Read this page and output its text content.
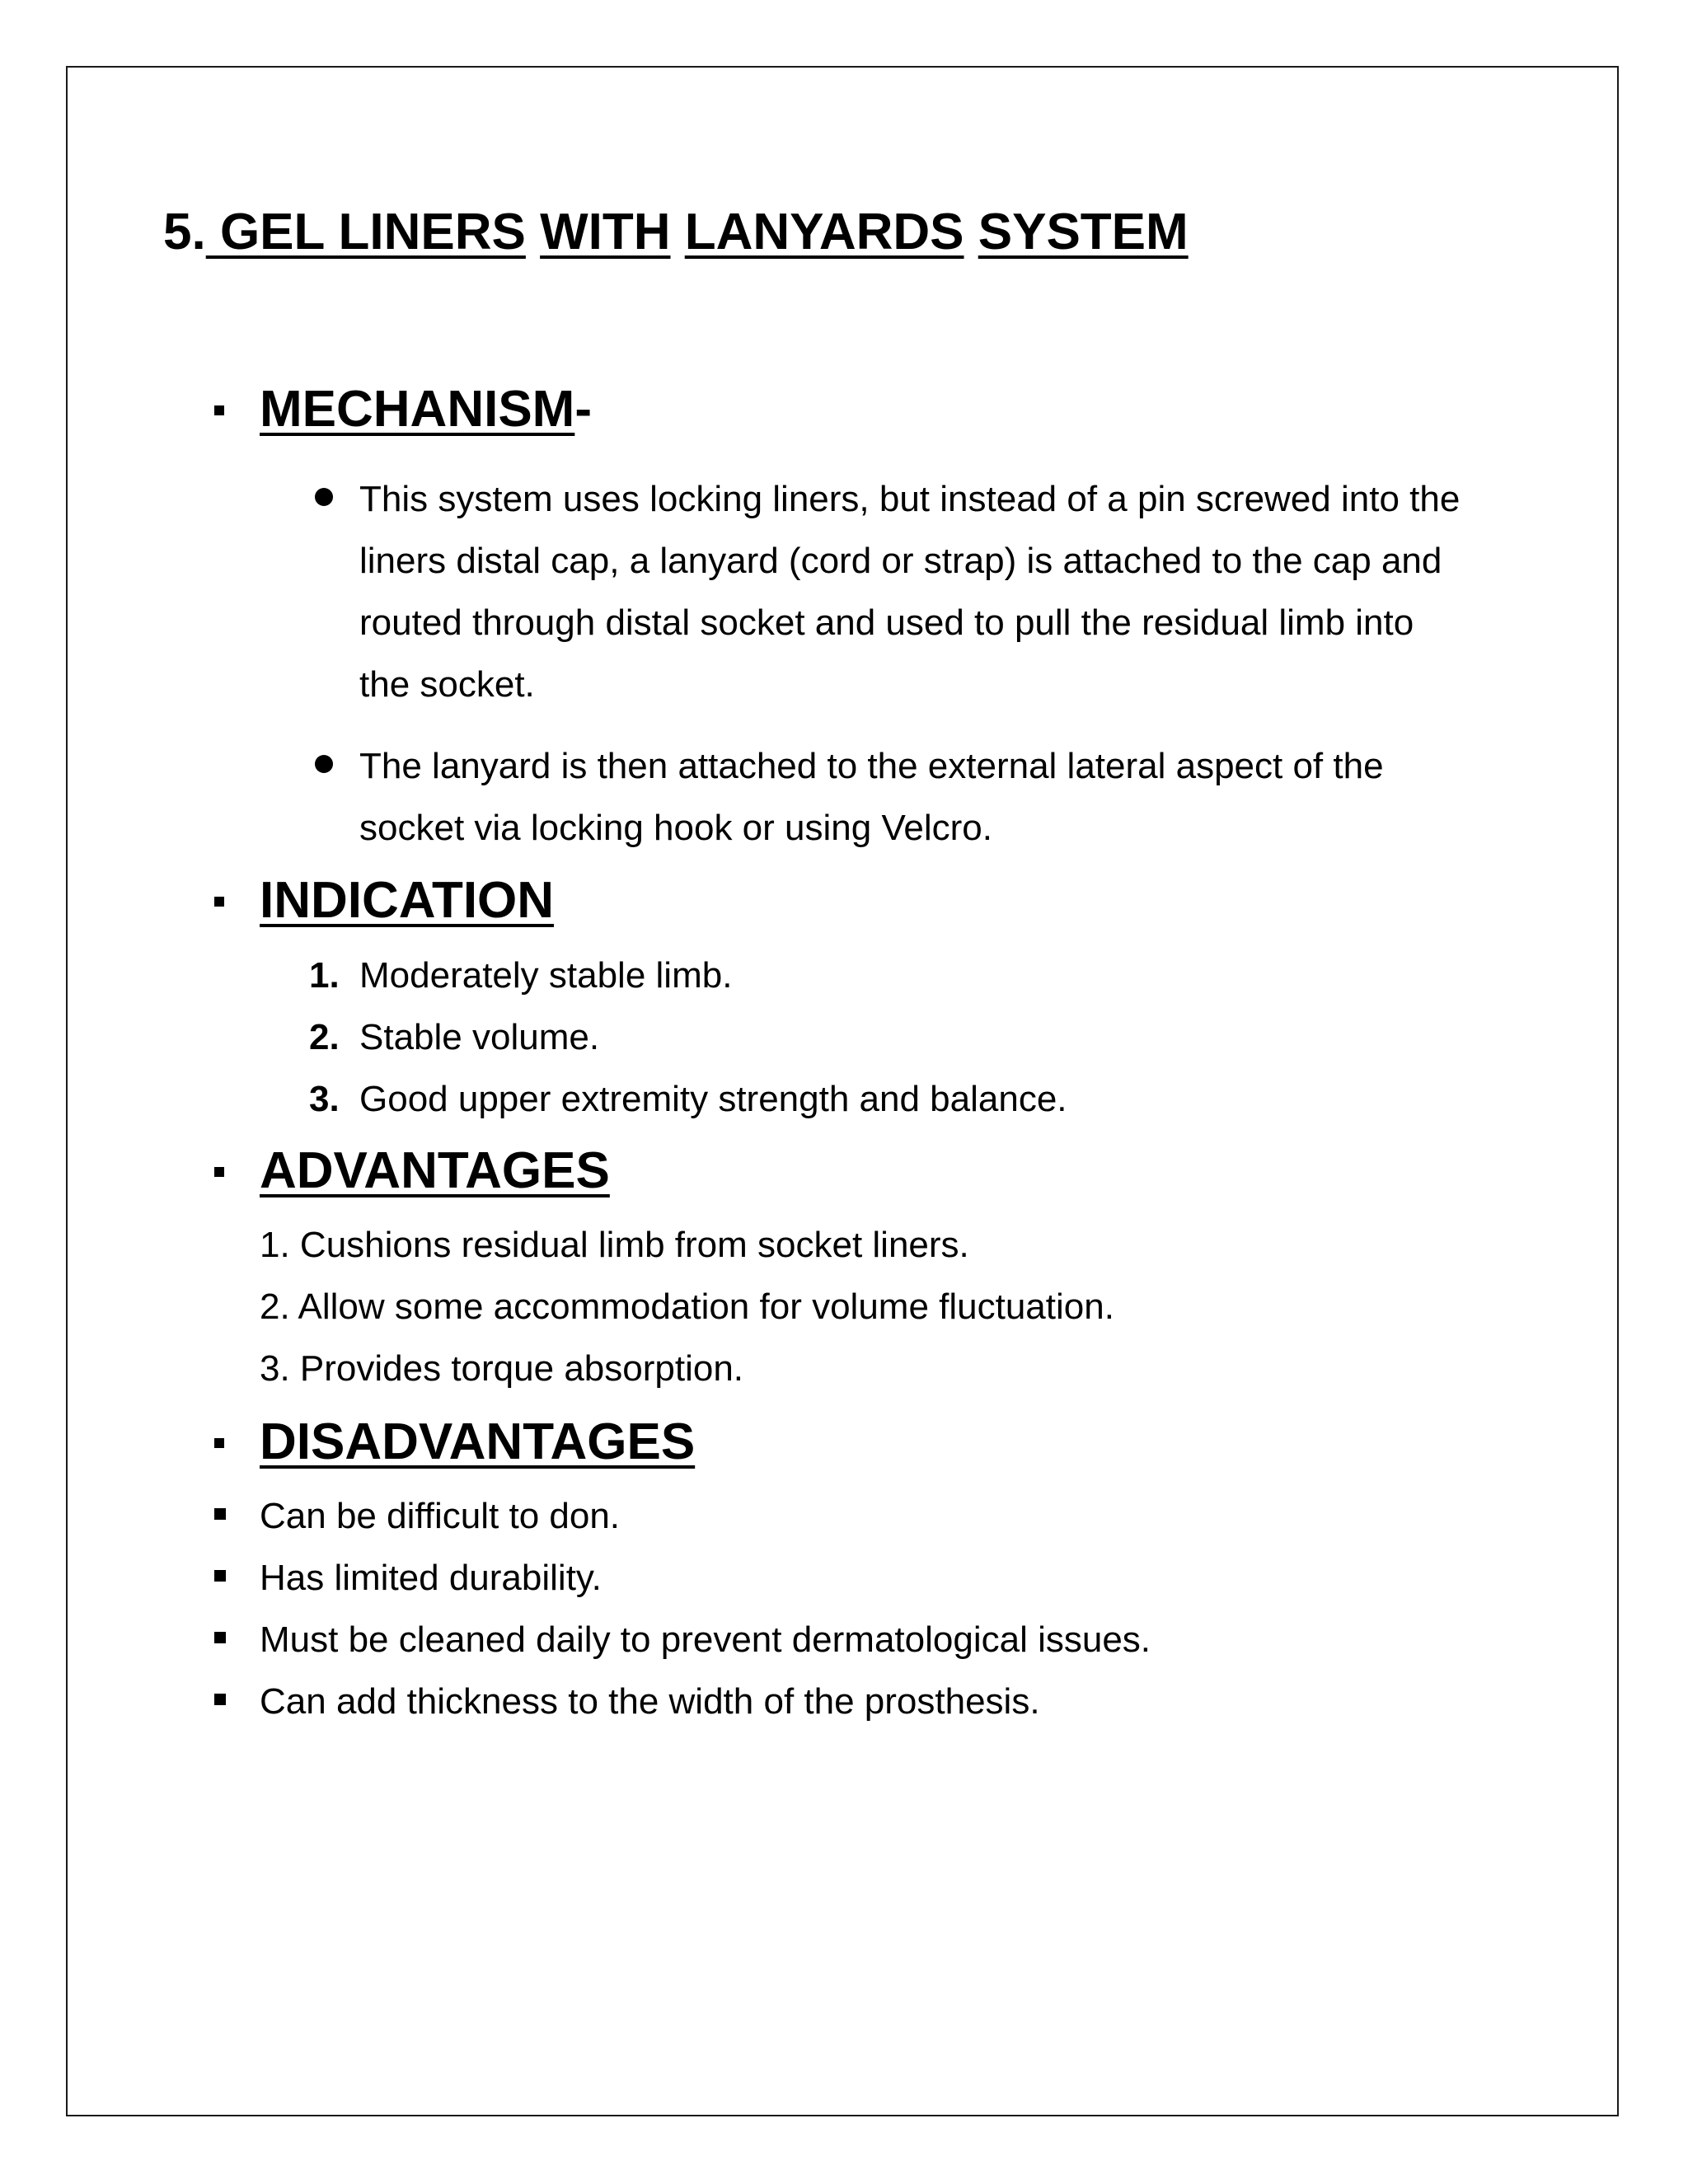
5. GEL LINERS WITH LANYARDS SYSTEM
MECHANISM-
This system uses locking liners, but instead of a pin screwed into the
liners distal cap, a lanyard (cord or strap) is attached to the cap and
routed through distal socket and used to pull the residual limb into
the socket.
The lanyard is then attached to the external lateral aspect of the
socket via locking hook or using Velcro.
INDICATION
1. Moderately stable limb.
2. Stable volume.
3. Good upper extremity strength and balance.
ADVANTAGES
1. Cushions residual limb from socket liners.
2. Allow some accommodation for volume fluctuation.
3. Provides torque absorption.
DISADVANTAGES
Can be difficult to don.
Has limited durability.
Must be cleaned daily to prevent dermatological issues.
Can add thickness to the width of the prosthesis.
